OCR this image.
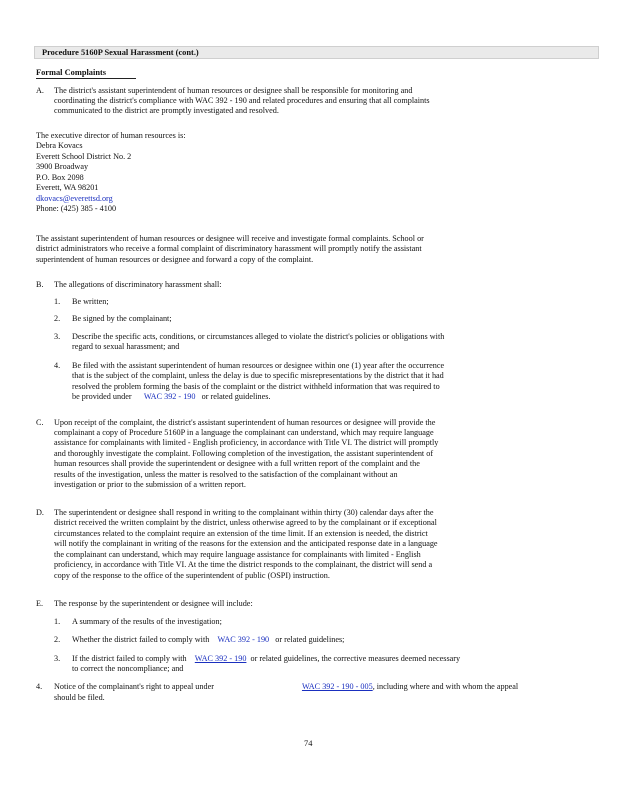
Procedure 5160P Sexual Harassment (cont.)
Formal Complaints
A. The district's assistant superintendent of human resources or designee shall be responsible for monitoring and
coordinating the district's compliance with WAC 392 - 190 and related procedures and ensuring that all complaints
communicated to the district are promptly investigated and resolved.
The executive director of human resources is:
Debra Kovacs
Everett School District No. 2
3900 Broadway
P.O. Box 2098
Everett, WA 98201
dkovacs@everettsd.org
Phone: (425) 385 - 4100
The assistant superintendent of human resources or designee will receive and investigate formal complaints. School or
district administrators who receive a formal complaint of discriminatory harassment will promptly notify the assistant
superintendent of human resources or designee and forward a copy of the complaint.
B. The allegations of discriminatory harassment shall:
1. Be written;
2. Be signed by the complainant;
3. Describe the specific acts, conditions, or circumstances alleged to violate the district's policies or obligations with
regard to sexual harassment; and
4. Be filed with the assistant superintendent of human resources or designee within one (1) year after the occurrence
that is the subject of the complaint, unless the delay is due to specific misrepresentations by the district that it had
resolved the problem forming the basis of the complaint or the district withheld information that was required to
be provided under WAC 392 - 190 or related guidelines.
C. Upon receipt of the complaint, the district's assistant superintendent of human resources or designee will provide the
complainant a copy of Procedure 5160P in a language the complainant can understand, which may require language
assistance for complainants with limited - English proficiency, in accordance with Title VI. The district will promptly
and thoroughly investigate the complaint. Following completion of the investigation, the assistant superintendent of
human resources shall provide the superintendent or designee with a full written report of the complaint and the
results of the investigation, unless the matter is resolved to the satisfaction of the complainant without an
investigation or prior to the submission of a written report.
D. The superintendent or designee shall respond in writing to the complainant within thirty (30) calendar days after the
district received the written complaint by the district, unless otherwise agreed to by the complainant or if exceptional
circumstances related to the complaint require an extension of the time limit. If an extension is needed, the district
will notify the complainant in writing of the reasons for the extension and the anticipated response date in a language
the complainant can understand, which may require language assistance for complainants with limited - English
proficiency, in accordance with Title VI. At the time the district responds to the complainant, the district will send a
copy of the response to the office of the superintendent of public (OSPI) instruction.
E. The response by the superintendent or designee will include:
1. A summary of the results of the investigation;
2. Whether the district failed to comply with WAC 392 - 190 or related guidelines;
3. If the district failed to comply with WAC 392 - 190 or related guidelines, the corrective measures deemed necessary
to correct the noncompliance; and
4. Notice of the complainant's right to appeal under	WAC 392 - 190 - 005, including where and with whom the appeal
should be filed.
74
